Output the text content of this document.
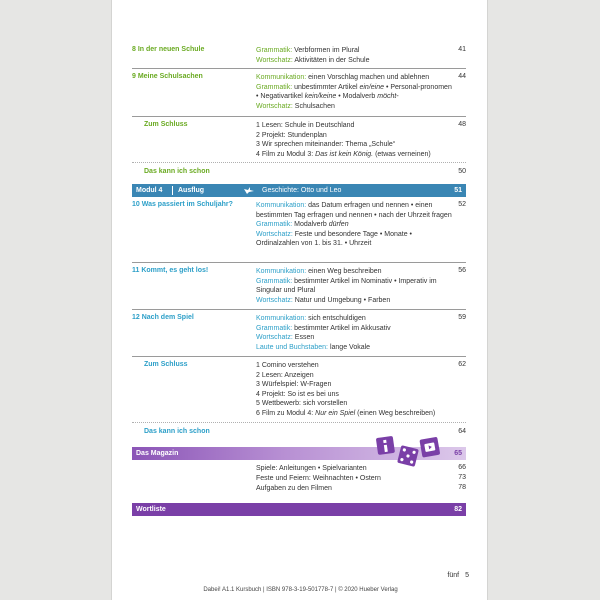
8 In der neuen Schule	Grammatik: Verbformen im Plural
Wortschatz: Aktivitäten in der Schule
41
9 Meine Schulsachen	Kommunikation: einen Vorschlag machen und ablehnen
Grammatik: unbestimmter Artikel ein/eine • Personal-pronomen • Negativartikel kein/keine • Modalverb möcht-
Wortschatz: Schulsachen
44
Zum Schluss	1 Lesen: Schule in Deutschland
2 Projekt: Stundenplan
3 Wir sprechen miteinander: Thema „Schule“
4 Film zu Modul 3: Das ist kein König. (etwas verneinen)
48
Das kann ich schon	50
Modul 4 Ausflug	Geschichte: Otto und Leo	51
10 Was passiert im Schuljahr?	Kommunikation: das Datum erfragen und nennen • einen bestimmten Tag erfragen und nennen • nach der Uhrzeit fragen
Grammatik: Modalverb dürfen
Wortschatz: Feste und besondere Tage • Monate • Ordinalzahlen von 1. bis 31. • Uhrzeit
52
11 Kommt, es geht los!	Kommunikation: einen Weg beschreiben
Grammatik: bestimmter Artikel im Nominativ • Imperativ im Singular und Plural
Wortschatz: Natur und Umgebung • Farben
56
12 Nach dem Spiel	Kommunikation: sich entschuldigen
Grammatik: bestimmter Artikel im Akkusativ
Wortschatz: Essen
Laute und Buchstaben: lange Vokale
59
Zum Schluss	1 Comino verstehen
2 Lesen: Anzeigen
3 Würfelspiel: W-Fragen
4 Projekt: So ist es bei uns
5 Wettbewerb: sich vorstellen
6 Film zu Modul 4: Nur ein Spiel (einen Weg beschreiben)
62
Das kann ich schon	64
Das Magazin	65
Spiele: Anleitungen • Spielvarianten	66
Feste und Feiern: Weihnachten • Ostern	73
Aufgaben zu den Filmen	78
Wortliste	82
fünf 5
Dabei! A1.1 Kursbuch | ISBN 978-3-19-501778-7 | © 2020 Hueber Verlag
